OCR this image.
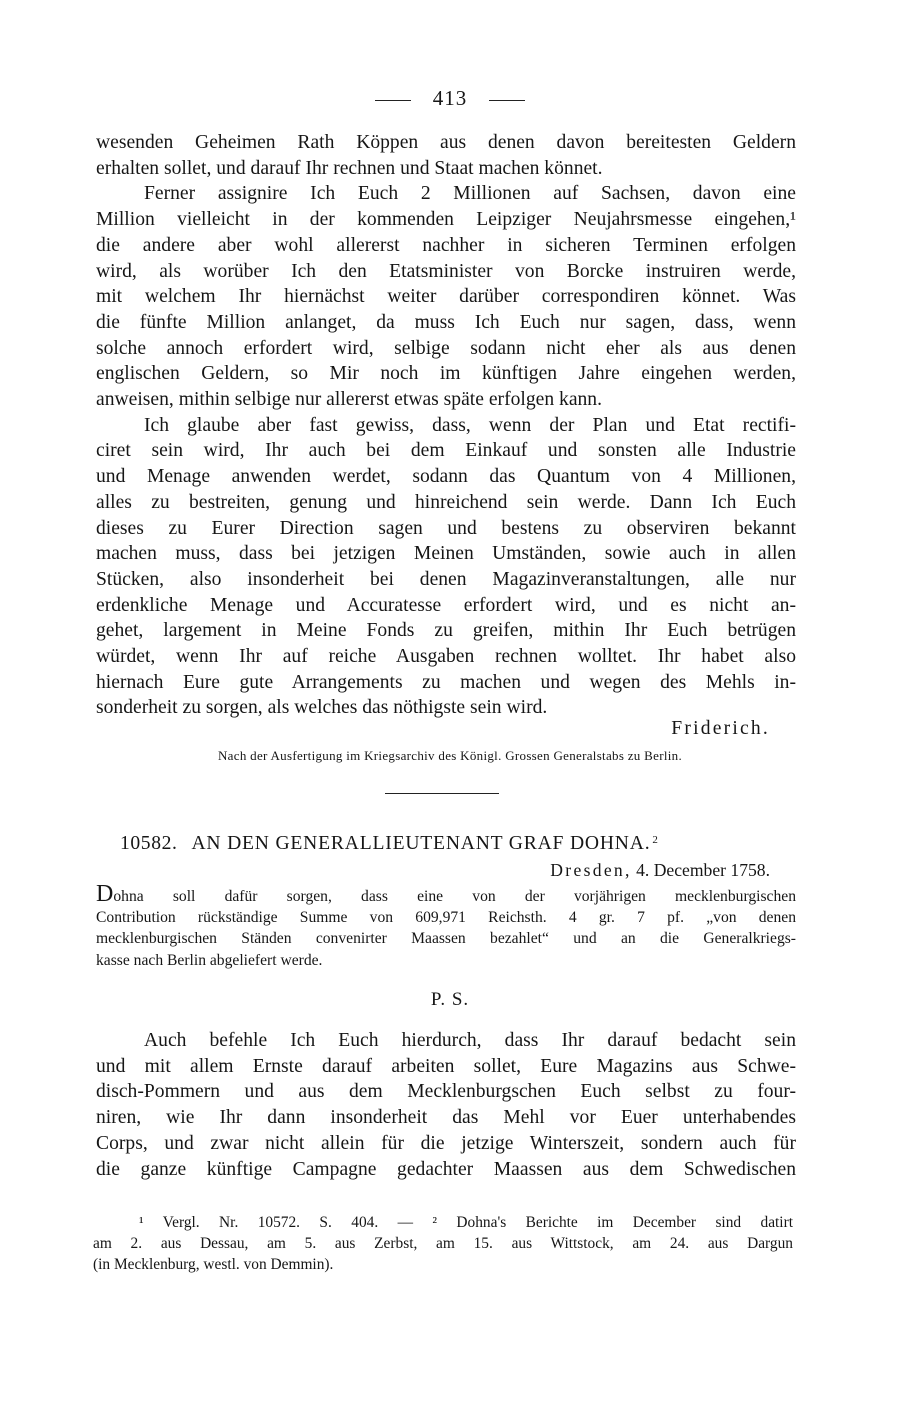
413
wesenden Geheimen Rath Köppen aus denen davon bereitesten Geldern
erhalten sollet, und darauf Ihr rechnen und Staat machen könnet.
Ferner assignire Ich Euch 2 Millionen auf Sachsen, davon eine
Million vielleicht in der kommenden Leipziger Neujahrsmesse eingehen,¹
die andere aber wohl allererst nachher in sicheren Terminen erfolgen
wird, als worüber Ich den Etatsminister von Borcke instruiren werde,
mit welchem Ihr hiernächst weiter darüber correspondiren könnet. Was
die fünfte Million anlanget, da muss Ich Euch nur sagen, dass, wenn
solche annoch erfordert wird, selbige sodann nicht eher als aus denen
englischen Geldern, so Mir noch im künftigen Jahre eingehen werden,
anweisen, mithin selbige nur allererst etwas späte erfolgen kann.
Ich glaube aber fast gewiss, dass, wenn der Plan und Etat rectifi-
ciret sein wird, Ihr auch bei dem Einkauf und sonsten alle Industrie
und Menage anwenden werdet, sodann das Quantum von 4 Millionen,
alles zu bestreiten, genung und hinreichend sein werde. Dann Ich Euch
dieses zu Eurer Direction sagen und bestens zu observiren bekannt
machen muss, dass bei jetzigen Meinen Umständen, sowie auch in allen
Stücken, also insonderheit bei denen Magazinveranstaltungen, alle nur
erdenkliche Menage und Accuratesse erfordert wird, und es nicht an-
gehet, largement in Meine Fonds zu greifen, mithin Ihr Euch betrügen
würdet, wenn Ihr auf reiche Ausgaben rechnen wolltet. Ihr habet also
hiernach Eure gute Arrangements zu machen und wegen des Mehls in-
sonderheit zu sorgen, als welches das nöthigste sein wird.
Friderich.
Nach der Ausfertigung im Kriegsarchiv des Königl. Grossen Generalstabs zu Berlin.
10582. AN DEN GENERALLIEUTENANT GRAF DOHNA. $^2$
Dresden, 4. December 1758.
Dohna soll dafür sorgen, dass eine von der vorjährigen mecklenburgischen
Contribution rückständige Summe von 609,971 Reichsth. 4 gr. 7 pf. „von denen
mecklenburgischen Ständen convenirter Maassen bezahlet“ und an die Generalkriegs-
kasse nach Berlin abgeliefert werde.
P. S.
Auch befehle Ich Euch hierdurch, dass Ihr darauf bedacht sein
und mit allem Ernste darauf arbeiten sollet, Eure Magazins aus Schwe-
disch-Pommern und aus dem Mecklenburgschen Euch selbst zu four-
niren, wie Ihr dann insonderheit das Mehl vor Euer unterhabendes
Corps, und zwar nicht allein für die jetzige Winterszeit, sondern auch für
die ganze künftige Campagne gedachter Maassen aus dem Schwedischen
¹ Vergl. Nr. 10572. S. 404. — ² Dohna's Berichte im December sind datirt
am 2. aus Dessau, am 5. aus Zerbst, am 15. aus Wittstock, am 24. aus Dargun
(in Mecklenburg, westl. von Demmin).
